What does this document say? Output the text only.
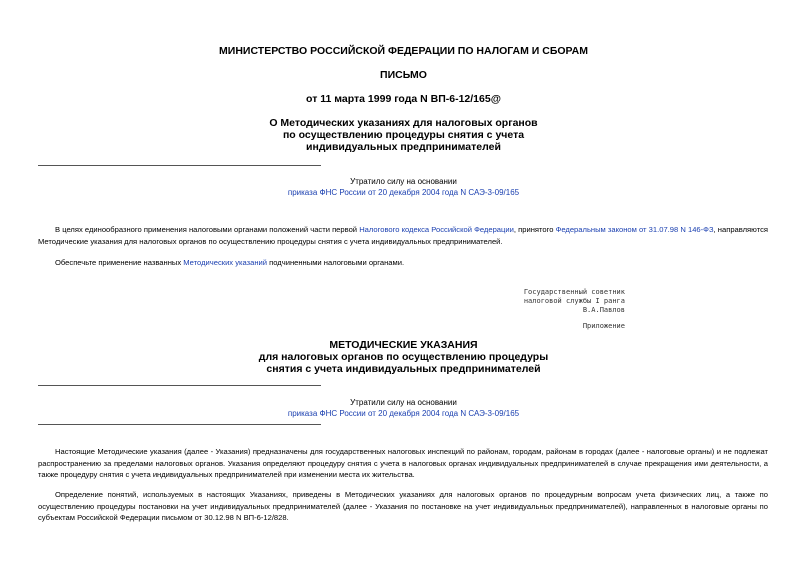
МИНИСТЕРСТВО РОССИЙСКОЙ ФЕДЕРАЦИИ ПО НАЛОГАМ И СБОРАМ
ПИСЬМО
от 11 марта 1999 года N ВП-6-12/165@
О Методических указаниях для налоговых органов
по осуществлению процедуры снятия с учета
индивидуальных предпринимателей
Утратило силу на основании
приказа ФНС России от 20 декабря 2004 года N САЭ-3-09/165
В целях единообразного применения налоговыми органами положений части первой Налогового кодекса Российской Федерации, принятого Федеральным законом от 31.07.98 N 146-ФЗ, направляются Методические указания для налоговых органов по осуществлению процедуры снятия с учета индивидуальных предпринимателей.
Обеспечьте применение названных Методических указаний подчиненными налоговыми органами.
Государственный советник
налоговой службы I ранга
В.А.Павлов
Приложение
МЕТОДИЧЕСКИЕ УКАЗАНИЯ
для налоговых органов по осуществлению процедуры
снятия с учета индивидуальных предпринимателей
Утратили силу на основании
приказа ФНС России от 20 декабря 2004 года N САЭ-3-09/165
Настоящие Методические указания (далее - Указания) предназначены для государственных налоговых инспекций по районам, городам, районам в городах (далее - налоговые органы) и не подлежат распространению за пределами налоговых органов. Указания определяют процедуру снятия с учета в налоговых органах индивидуальных предпринимателей в случае прекращения ими деятельности, а также процедуру снятия с учета индивидуальных предпринимателей при изменении места их жительства.
Определение понятий, используемых в настоящих Указаниях, приведены в Методических указаниях для налоговых органов по процедурным вопросам учета физических лиц, а также по осуществлению процедуры постановки на учет индивидуальных предпринимателей (далее - Указания по постановке на учет индивидуальных предпринимателей), направленных в налоговые органы по субъектам Российской Федерации письмом от 30.12.98 N ВП-6-12/828.
